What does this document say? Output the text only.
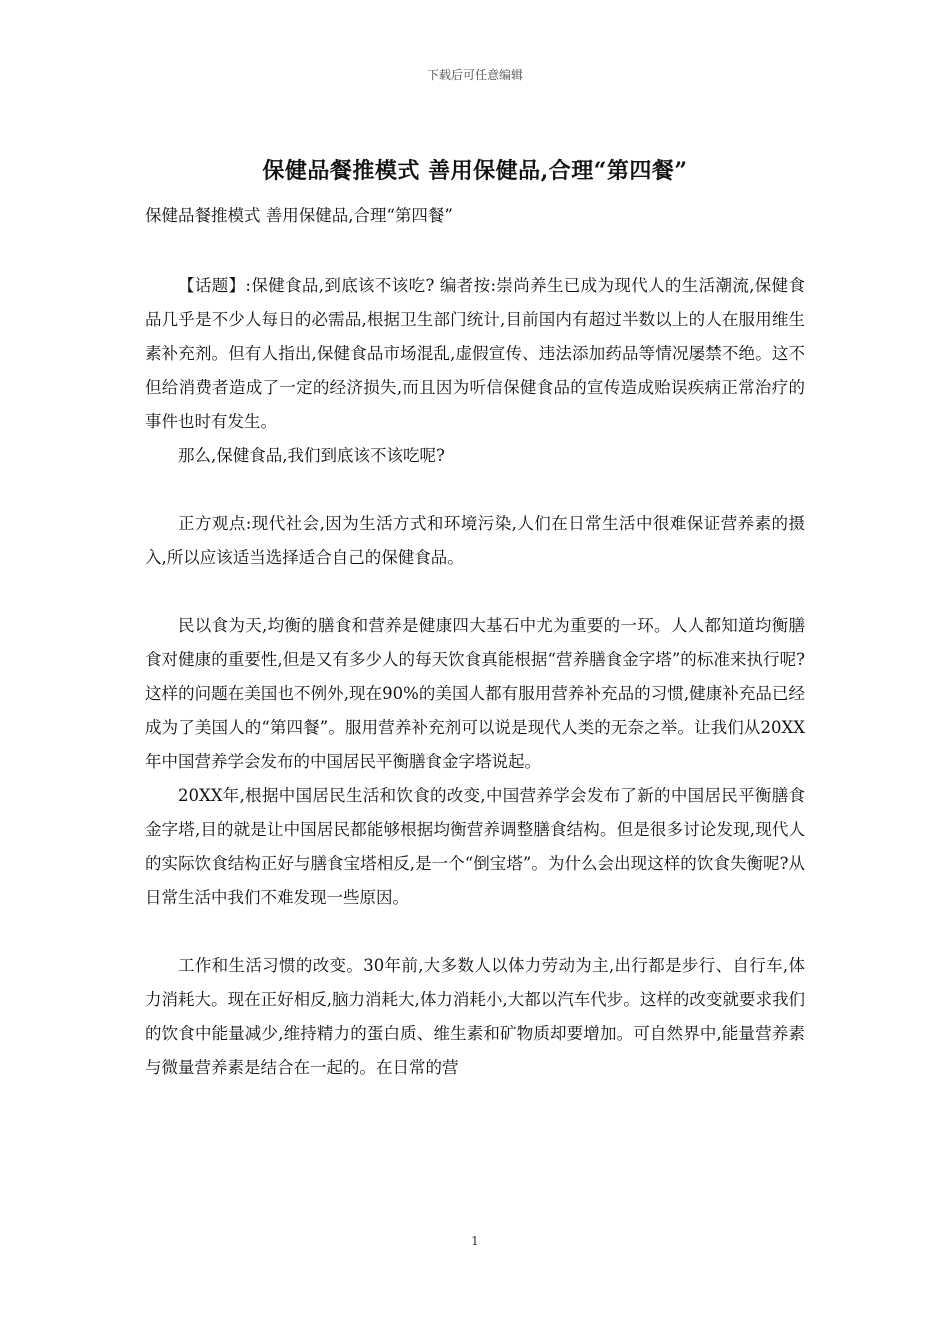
下载后可任意编辑
保健品餐推模式 善用保健品,合理“第四餐”
保健品餐推模式 善用保健品,合理“第四餐”

【话题】:保健食品,到底该不该吃? 编者按:崇尚养生已成为现代人的生活潮流,保健食品几乎是不少人每日的必需品,根据卫生部门统计,目前国内有超过半数以上的人在服用维生素补充剂。但有人指出,保健食品市场混乱,虚假宣传、违法添加药品等情况屡禁不绝。这不但给消费者造成了一定的经济损失,而且因为听信保健食品的宣传造成贻误疾病正常治疗的事件也时有发生。

那么,保健食品,我们到底该不该吃呢?

正方观点:现代社会,因为生活方式和环境污染,人们在日常生活中很难保证营养素的摄入,所以应该适当选择适合自己的保健食品。

民以食为天,均衡的膳食和营养是健康四大基石中尤为重要的一环。人人都知道均衡膳食对健康的重要性,但是又有多少人的每天饮食真能根据“营养膳食金字塔”的标准来执行呢?这样的问题在美国也不例外,现在90%的美国人都有服用营养补充品的习惯,健康补充品已经成为了美国人的“第四餐”。服用营养补充剂可以说是现代人类的无奈之举。让我们从20XX年中国营养学会发布的中国居民平衡膳食金字塔说起。

20XX年,根据中国居民生活和饮食的改变,中国营养学会发布了新的中国居民平衡膳食金字塔,目的就是让中国居民都能够根据均衡营养调整膳食结构。但是很多讨论发现,现代人的实际饮食结构正好与膳食宝塔相反,是一个“倒宝塔”。为什么会出现这样的饮食失衡呢?从日常生活中我们不难发现一些原因。

工作和生活习惯的改变。30年前,大多数人以体力劳动为主,出行都是步行、自行车,体力消耗大。现在正好相反,脑力消耗大,体力消耗小,大都以汽车代步。这样的改变就要求我们的饮食中能量减少,维持精力的蛋白质、维生素和矿物质却要增加。可自然界中,能量营养素与微量营养素是结合在一起的。在日常的营

1
